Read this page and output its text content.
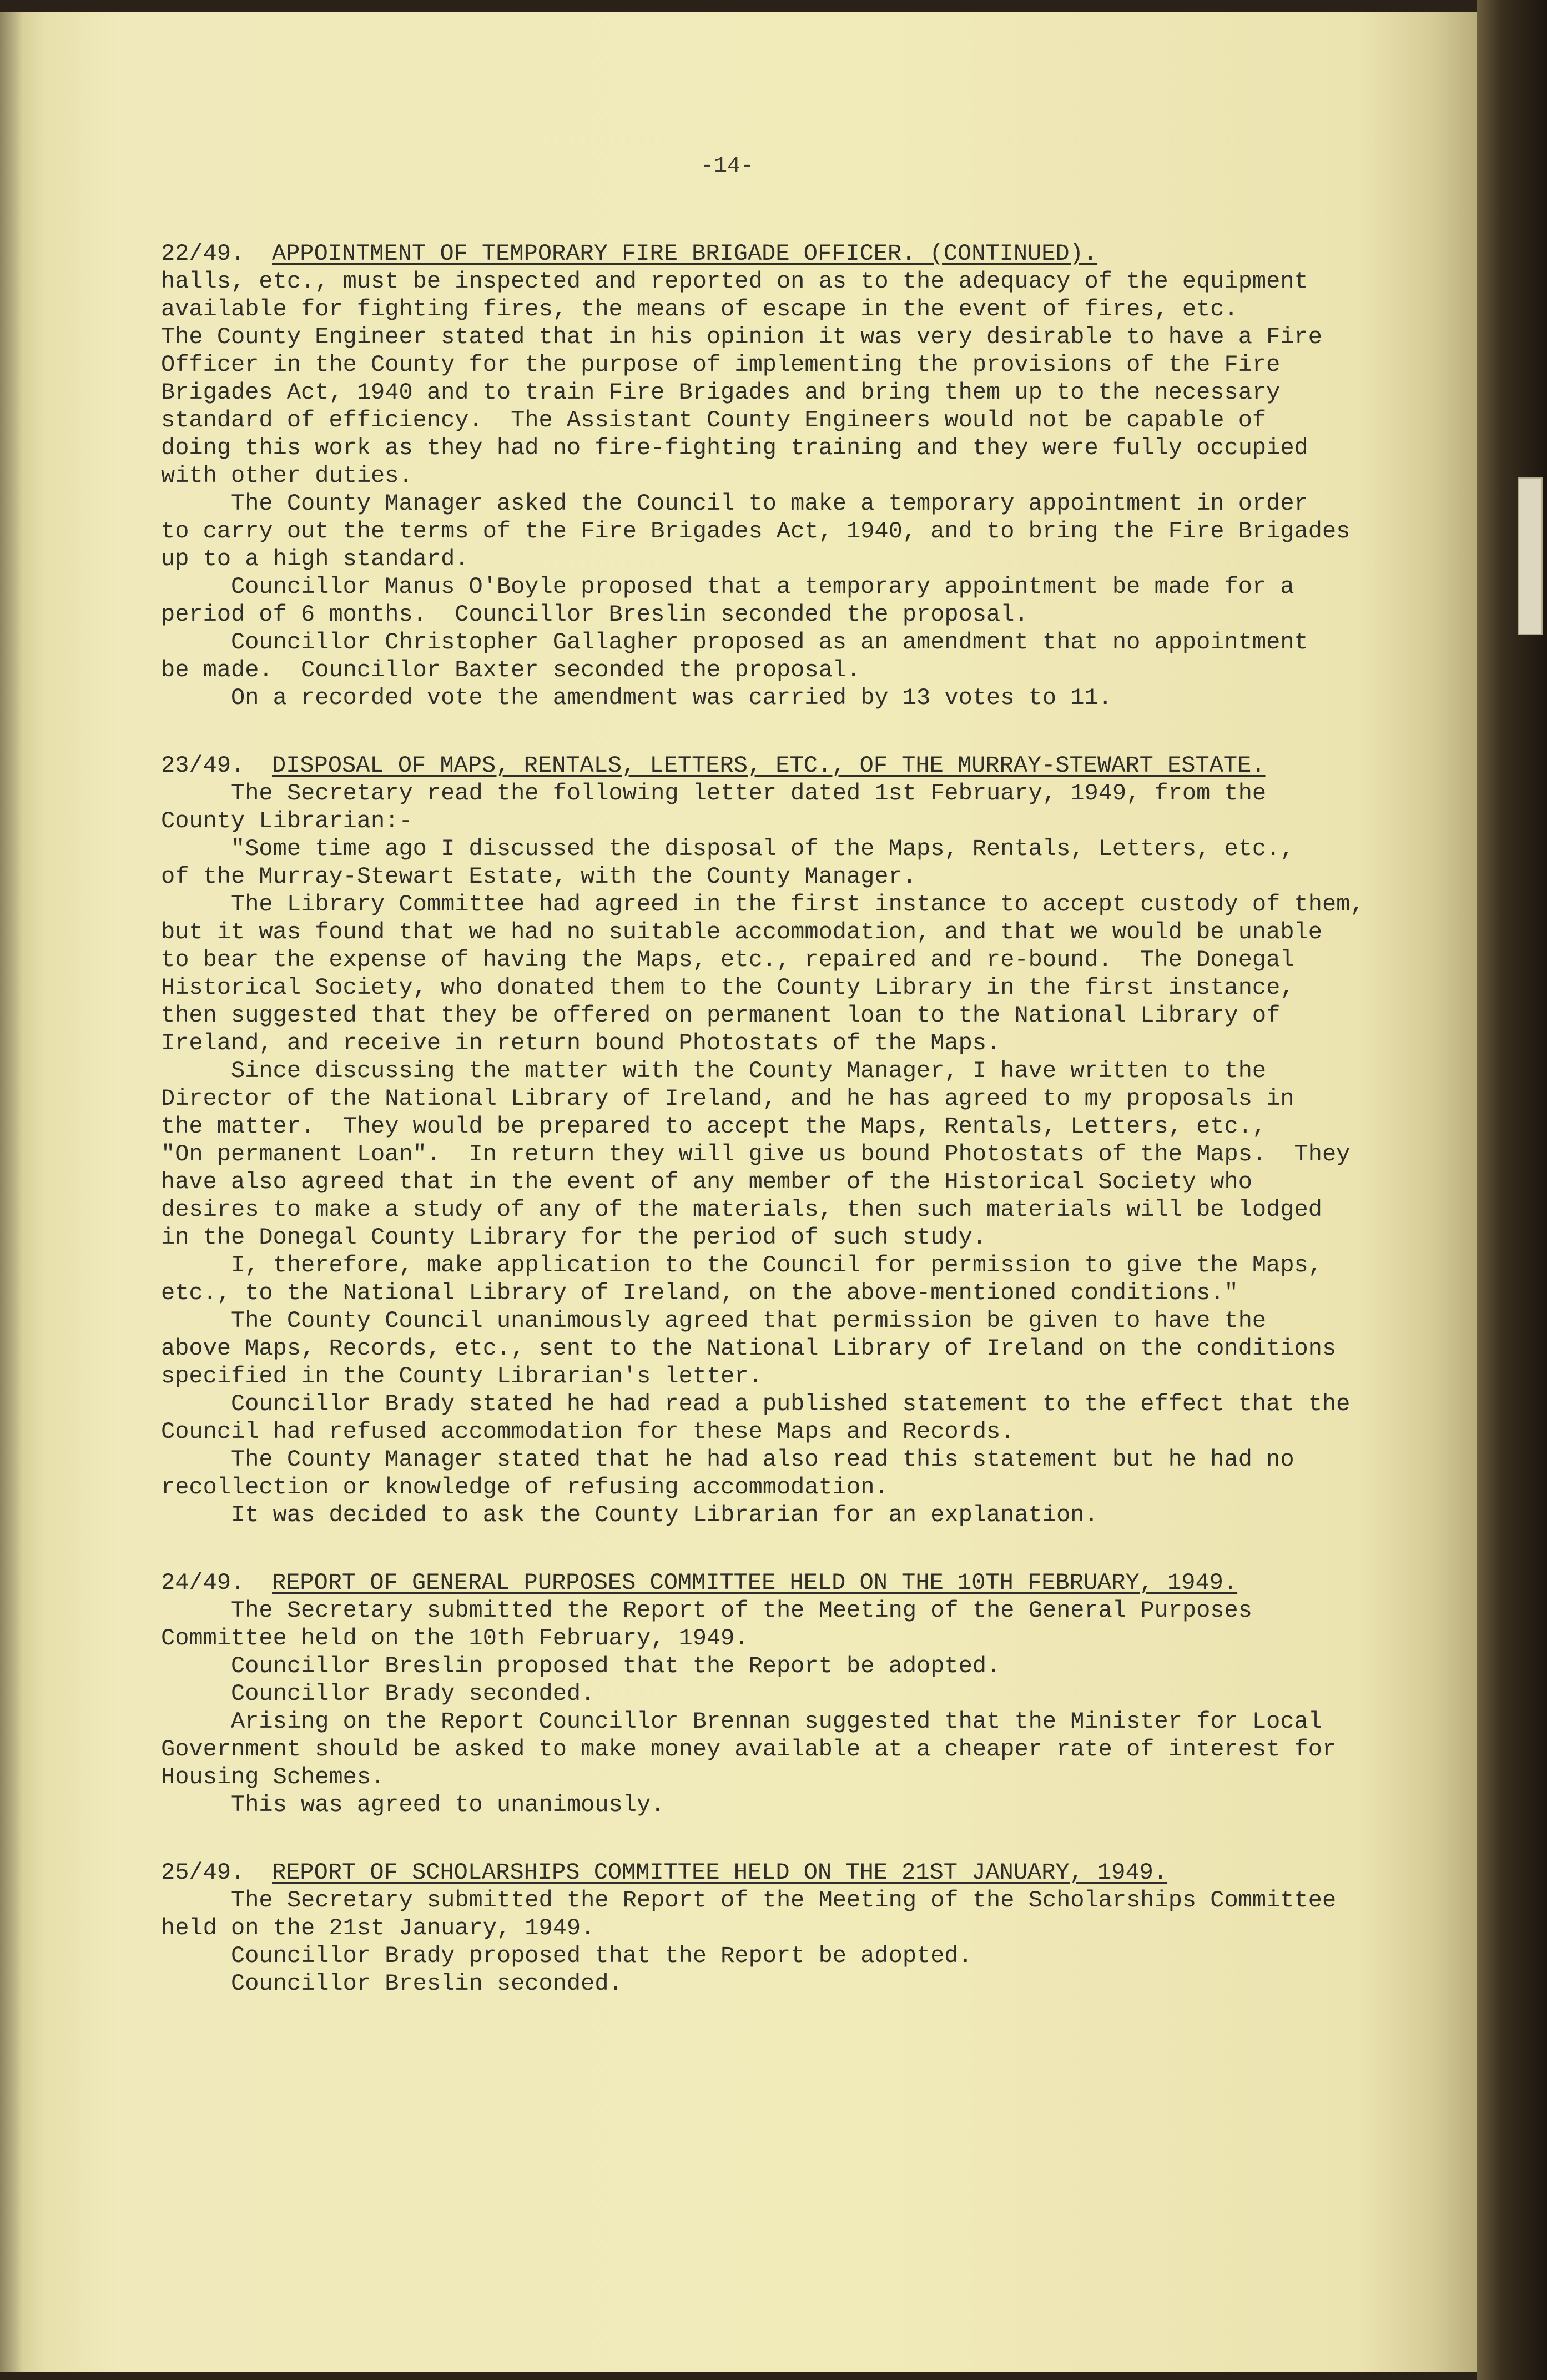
-14-
22/49. APPOINTMENT OF TEMPORARY FIRE BRIGADE OFFICER. (CONTINUED).
halls, etc., must be inspected and reported on as to the adequacy of the equipment
available for fighting fires, the means of escape in the event of fires, etc.
The County Engineer stated that in his opinion it was very desirable to have a Fire
Officer in the County for the purpose of implementing the provisions of the Fire
Brigades Act, 1940 and to train Fire Brigades and bring them up to the necessary
standard of efficiency.  The Assistant County Engineers would not be capable of
doing this work as they had no fire-fighting training and they were fully occupied
with other duties.
The County Manager asked the Council to make a temporary appointment in order
to carry out the terms of the Fire Brigades Act, 1940, and to bring the Fire Brigades
up to a high standard.
Councillor Manus O'Boyle proposed that a temporary appointment be made for a
period of 6 months.  Councillor Breslin seconded the proposal.
Councillor Christopher Gallagher proposed as an amendment that no appointment
be made.  Councillor Baxter seconded the proposal.
On a recorded vote the amendment was carried by 13 votes to 11.
23/49. DISPOSAL OF MAPS, RENTALS, LETTERS, ETC., OF THE MURRAY-STEWART ESTATE.
The Secretary read the following letter dated 1st February, 1949, from the
County Librarian:-
"Some time ago I discussed the disposal of the Maps, Rentals, Letters, etc.,
of the Murray-Stewart Estate, with the County Manager.
The Library Committee had agreed in the first instance to accept custody of them,
but it was found that we had no suitable accommodation, and that we would be unable
to bear the expense of having the Maps, etc., repaired and re-bound.  The Donegal
Historical Society, who donated them to the County Library in the first instance,
then suggested that they be offered on permanent loan to the National Library of
Ireland, and receive in return bound Photostats of the Maps.
Since discussing the matter with the County Manager, I have written to the
Director of the National Library of Ireland, and he has agreed to my proposals in
the matter.  They would be prepared to accept the Maps, Rentals, Letters, etc.,
"On permanent Loan".  In return they will give us bound Photostats of the Maps.  They
have also agreed that in the event of any member of the Historical Society who
desires to make a study of any of the materials, then such materials will be lodged
in the Donegal County Library for the period of such study.
I, therefore, make application to the Council for permission to give the Maps,
etc., to the National Library of Ireland, on the above-mentioned conditions."
The County Council unanimously agreed that permission be given to have the
above Maps, Records, etc., sent to the National Library of Ireland on the conditions
specified in the County Librarian's letter.
Councillor Brady stated he had read a published statement to the effect that the
Council had refused accommodation for these Maps and Records.
The County Manager stated that he had also read this statement but he had no
recollection or knowledge of refusing accommodation.
It was decided to ask the County Librarian for an explanation.
24/49. REPORT OF GENERAL PURPOSES COMMITTEE HELD ON THE 10TH FEBRUARY, 1949.
The Secretary submitted the Report of the Meeting of the General Purposes
Committee held on the 10th February, 1949.
Councillor Breslin proposed that the Report be adopted.
Councillor Brady seconded.
Arising on the Report Councillor Brennan suggested that the Minister for Local
Government should be asked to make money available at a cheaper rate of interest for
Housing Schemes.
This was agreed to unanimously.
25/49. REPORT OF SCHOLARSHIPS COMMITTEE HELD ON THE 21ST JANUARY, 1949.
The Secretary submitted the Report of the Meeting of the Scholarships Committee
held on the 21st January, 1949.
Councillor Brady proposed that the Report be adopted.
Councillor Breslin seconded.
